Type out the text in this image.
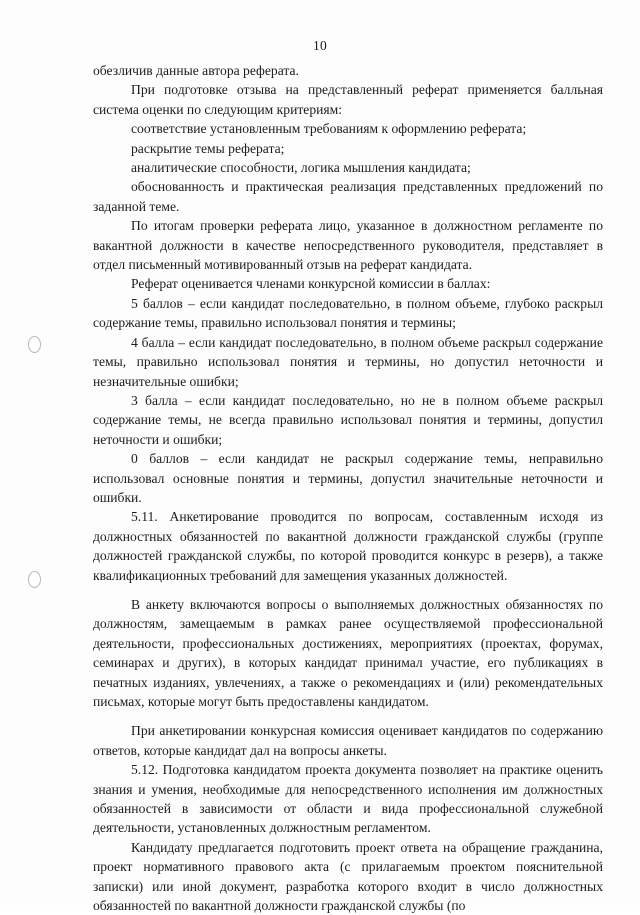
10

обезличив данные автора реферата.

При подготовке отзыва на представленный реферат применяется балльная система оценки по следующим критериям:

соответствие установленным требованиям к оформлению реферата;

раскрытие темы реферата;

аналитические способности, логика мышления кандидата;

обоснованность и практическая реализация представленных предложений по заданной теме.

По итогам проверки реферата лицо, указанное в должностном регламенте по вакантной должности в качестве непосредственного руководителя, представляет в отдел письменный мотивированный отзыв на реферат кандидата.

Реферат оценивается членами конкурсной комиссии в баллах:

5 баллов – если кандидат последовательно, в полном объеме, глубоко раскрыл содержание темы, правильно использовал понятия и термины;

4 балла – если кандидат последовательно, в полном объеме раскрыл содержание темы, правильно использовал понятия и термины, но допустил неточности и незначительные ошибки;

3 балла – если кандидат последовательно, но не в полном объеме раскрыл содержание темы, не всегда правильно использовал понятия и термины, допустил неточности и ошибки;

0 баллов – если кандидат не раскрыл содержание темы, неправильно использовал основные понятия и термины, допустил значительные неточности и ошибки.

5.11. Анкетирование проводится по вопросам, составленным исходя из должностных обязанностей по вакантной должности гражданской службы (группе должностей гражданской службы, по которой проводится конкурс в резерв), а также квалификационных требований для замещения указанных должностей.

В анкету включаются вопросы о выполняемых должностных обязанностях по должностям, замещаемым в рамках ранее осуществляемой профессиональной деятельности, профессиональных достижениях, мероприятиях (проектах, форумах, семинарах и других), в которых кандидат принимал участие, его публикациях в печатных изданиях, увлечениях, а также о рекомендациях и (или) рекомендательных письмах, которые могут быть предоставлены кандидатом.

При анкетировании конкурсная комиссия оценивает кандидатов по содержанию ответов, которые кандидат дал на вопросы анкеты.

5.12. Подготовка кандидатом проекта документа позволяет на практике оценить знания и умения, необходимые для непосредственного исполнения им должностных обязанностей в зависимости от области и вида профессиональной служебной деятельности, установленных должностным регламентом.

Кандидату предлагается подготовить проект ответа на обращение гражданина, проект нормативного правового акта (с прилагаемым проектом пояснительной записки) или иной документ, разработка которого входит в число должностных обязанностей по вакантной должности гражданской службы (по
